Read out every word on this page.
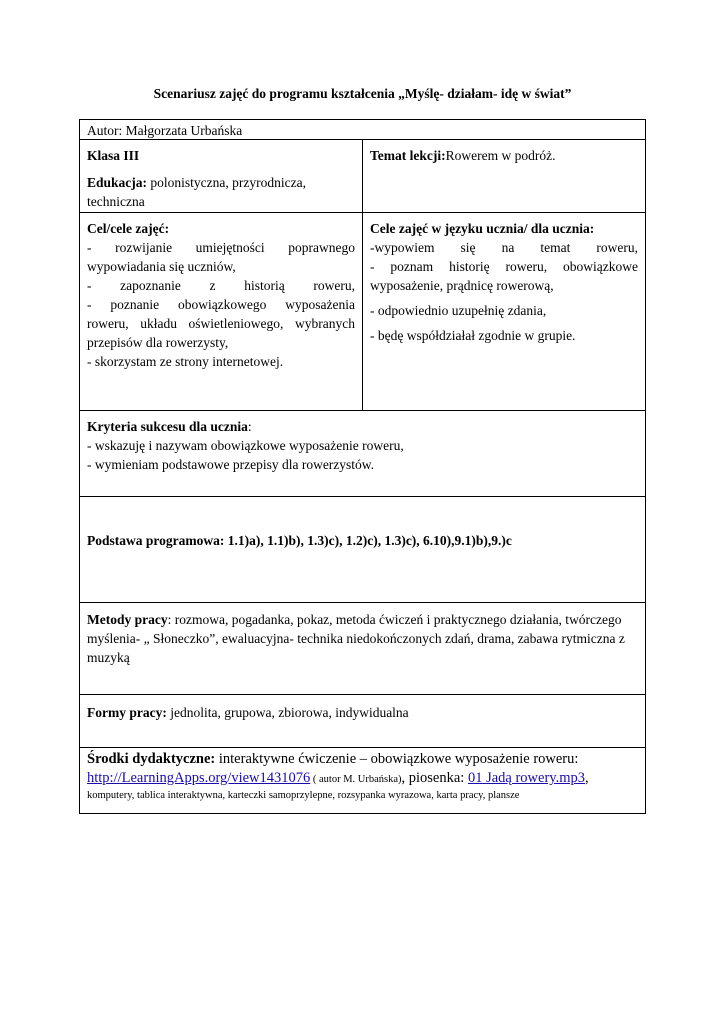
Scenariusz zajęć do programu kształcenia „Myślę- działam- idę w świat”
Autor: Małgorzata Urbańska
Klasa III
Edukacja: polonistyczna, przyrodnicza, techniczna
Temat lekcji:Rowerem w podróż.
Cel/cele zajęć:
- rozwijanie umiejętności poprawnego
wypowiadania się uczniów,
- zapoznanie z historią roweru,
- poznanie obowiązkowego wyposażenia
roweru, układu oświetleniowego, wybranych
przepisów dla rowerzysty,
- skorzystam ze strony internetowej.
Cele zajęć w języku ucznia/ dla ucznia:
-wypowiem się na temat roweru,
- poznam historię roweru, obowiązkowe
wyposażenie, prądnicę rowerową,
- odpowiednio uzupełnię zdania,
- będę współdziałał zgodnie w grupie.
Kryteria sukcesu dla ucznia:
- wskazuję i nazywam obowiązkowe wyposażenie roweru,
- wymieniam podstawowe przepisy dla rowerzystów.
Podstawa programowa: 1.1)a), 1.1)b), 1.3)c), 1.2)c), 1.3)c), 6.10),9.1)b),9.)c
Metody pracy: rozmowa, pogadanka, pokaz, metoda ćwiczeń i praktycznego działania, twórczego myślenia- „ Słoneczko”, ewaluacyjna- technika niedokończonych zdań, drama, zabawa rytmiczna z muzyką
Formy pracy: jednolita, grupowa, zbiorowa, indywidualna
Środki dydaktyczne: interaktywne ćwiczenie – obowiązkowe wyposażenie roweru:
http://LearningApps.org/view1431076 ( autor M. Urbańska), piosenka: 01 Jadą rowery.mp3,
komputery, tablica interaktywna, karteczki samoprzylepne, rozsypanka wyrazowa, karta pracy, plansze
